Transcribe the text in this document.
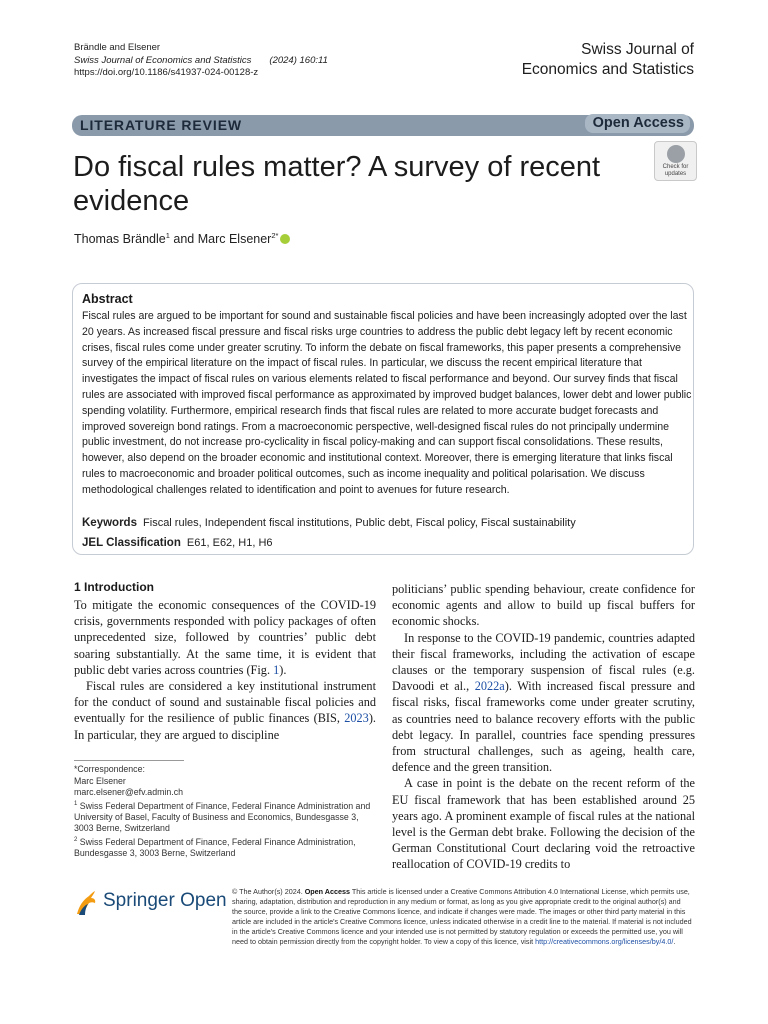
Brändle and Elsener
Swiss Journal of Economics and Statistics (2024) 160:11
https://doi.org/10.1186/s41937-024-00128-z
Swiss Journal of
Economics and Statistics
LITERATURE REVIEW	Open Access
Do fiscal rules matter? A survey of recent evidence
Check for
updates
Thomas Brändle$^1$ and Marc Elsener$^{2*}$
Abstract

Fiscal rules are argued to be important for sound and sustainable fiscal policies and have been increasingly adopted over the last 20 years. As increased fiscal pressure and fiscal risks urge countries to address the public debt legacy left by recent economic crises, fiscal rules come under greater scrutiny. To inform the debate on fiscal frameworks, this paper presents a comprehensive survey of the empirical literature on the impact of fiscal rules. In particular, we discuss the recent empirical literature that investigates the impact of fiscal rules on various elements related to fiscal performance and beyond. Our survey finds that fiscal rules are associated with improved fiscal performance as approximated by improved budget balances, lower debt and lower public spending volatility. Furthermore, empirical research finds that fiscal rules are related to more accurate budget forecasts and improved sovereign bond ratings. From a macroeconomic perspective, well-designed fiscal rules do not principally undermine public investment, do not increase pro-cyclicality in fiscal policy-making and can support fiscal consolidations. These results, however, also depend on the broader economic and institutional context. Moreover, there is emerging literature that links fiscal rules to macroeconomic and broader political outcomes, such as income inequality and political polarisation. We discuss methodological challenges related to identification and point to avenues for future research.

Keywords Fiscal rules, Independent fiscal institutions, Public debt, Fiscal policy, Fiscal sustainability
JEL Classification E61, E62, H1, H6
1 Introduction

To mitigate the economic consequences of the COVID-19 crisis, governments responded with policy packages of often unprecedented size, followed by countries’ public debt soaring substantially. At the same time, it is evident that public debt varies across countries (Fig. 1).

Fiscal rules are considered a key institutional instrument for the conduct of sound and sustainable fiscal policies and eventually for the resilience of public finances (BIS, 2023). In particular, they are argued to discipline

politicians’ public spending behaviour, create confidence for economic agents and allow to build up fiscal buffers for economic shocks.

In response to the COVID-19 pandemic, countries adapted their fiscal frameworks, including the activation of escape clauses or the temporary suspension of fiscal rules (e.g. Davoodi et al., 2022a). With increased fiscal pressure and fiscal risks, fiscal frameworks come under greater scrutiny, as countries need to balance recovery efforts with the public debt legacy. In parallel, countries face spending pressures from structural challenges, such as ageing, health care, defence and the green transition.

A case in point is the debate on the recent reform of the EU fiscal framework that has been established around 25 years ago. A prominent example of fiscal rules at the national level is the German debt brake. Following the decision of the German Constitutional Court declaring void the retroactive reallocation of COVID-19 credits to

*Correspondence:

Marc Elsener

marc.elsener@efv.admin.ch

$^1$ Swiss Federal Department of Finance, Federal Finance Administration and University of Basel, Faculty of Business and Economics, Bundesgasse 3, 3003 Berne, Switzerland

$^2$ Swiss Federal Department of Finance, Federal Finance Administration, Bundesgasse 3, 3003 Berne, Switzerland

Springer Open © The Author(s) 2024. Open Access This article is licensed under a Creative Commons Attribution 4.0 International License, which permits use, sharing, adaptation, distribution and reproduction in any medium or format, as long as you give appropriate credit to the original author(s) and the source, provide a link to the Creative Commons licence, and indicate if changes were made. The images or other third party material in this article are included in the article's Creative Commons licence, unless indicated otherwise in a credit line to the material. If material is not included in the article's Creative Commons licence and your intended use is not permitted by statutory regulation or exceeds the permitted use, you will need to obtain permission directly from the copyright holder. To view a copy of this licence, visit http://creativecommons.org/licenses/by/4.0/.
